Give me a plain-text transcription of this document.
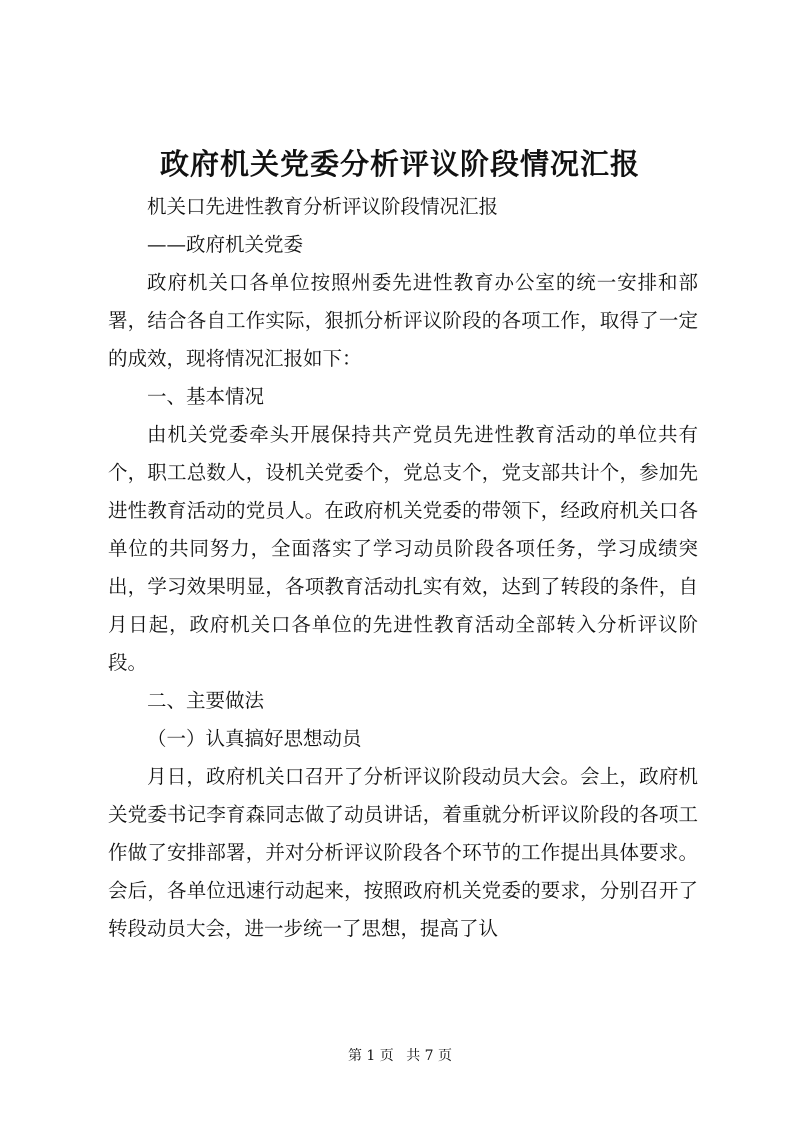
政府机关党委分析评议阶段情况汇报

机关口先进性教育分析评议阶段情况汇报

——政府机关党委

政府机关口各单位按照州委先进性教育办公室的统一安排和部署，结合各自工作实际，狠抓分析评议阶段的各项工作，取得了一定的成效，现将情况汇报如下：

一、基本情况

由机关党委牵头开展保持共产党员先进性教育活动的单位共有个，职工总数人，设机关党委个，党总支个，党支部共计个，参加先进性教育活动的党员人。在政府机关党委的带领下，经政府机关口各单位的共同努力，全面落实了学习动员阶段各项任务，学习成绩突出，学习效果明显，各项教育活动扎实有效，达到了转段的条件，自月日起，政府机关口各单位的先进性教育活动全部转入分析评议阶段。

二、主要做法

（一）认真搞好思想动员

月日，政府机关口召开了分析评议阶段动员大会。会上，政府机关党委书记李育森同志做了动员讲话，着重就分析评议阶段的各项工作做了安排部署，并对分析评议阶段各个环节的工作提出具体要求。会后，各单位迅速行动起来，按照政府机关党委的要求，分别召开了转段动员大会，进一步统一了思想，提高了认

第 1 页 共 7 页
